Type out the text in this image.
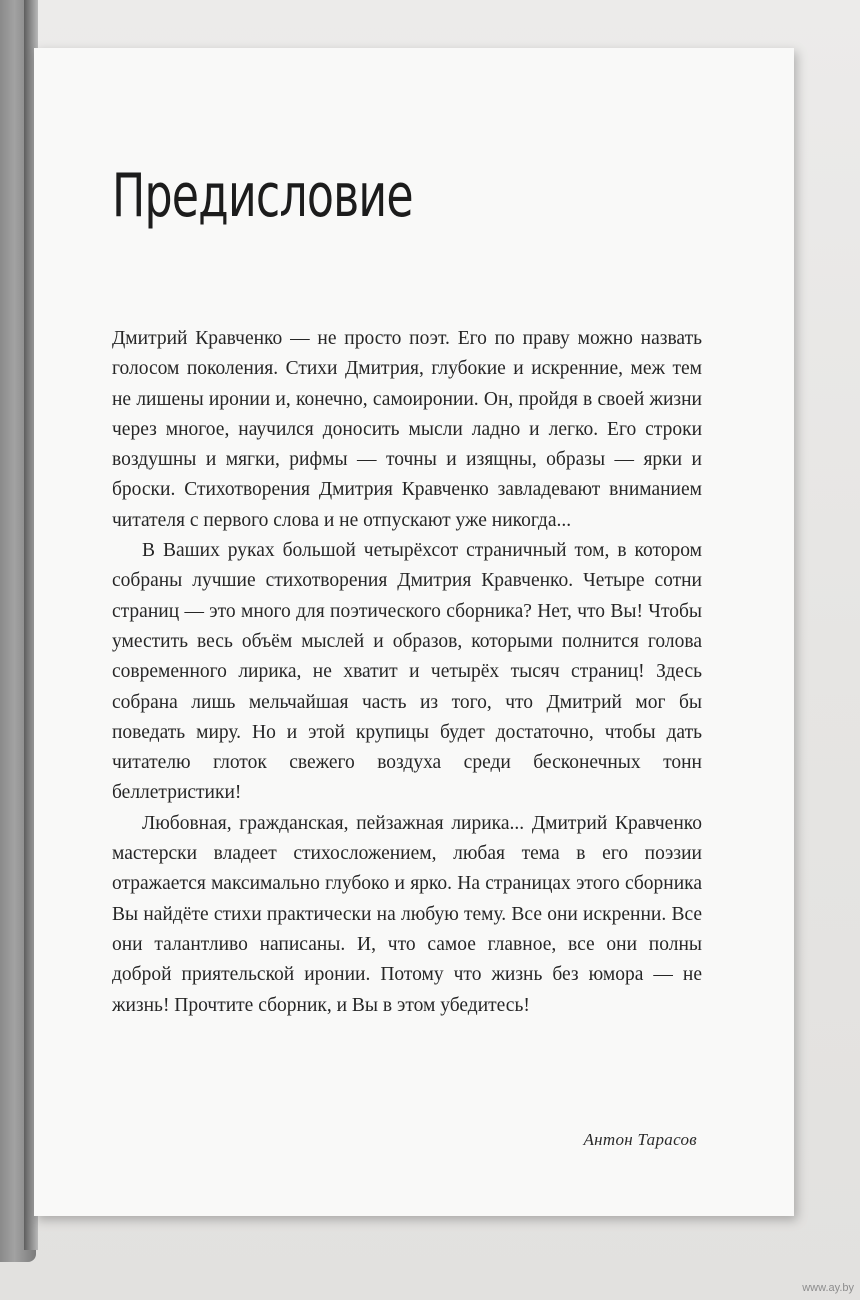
Предисловие

Дмитрий Кравченко — не просто поэт. Его по праву можно назвать голосом поколения. Стихи Дмитрия, глубокие и искренние, меж тем не лишены иронии и, конечно, самоиронии. Он, пройдя в своей жизни через многое, научился доносить мысли ладно и легко. Его строки воздушны и мягки, рифмы — точны и изящны, образы — ярки и броски. Стихотворения Дмитрия Кравченко завладевают вниманием читателя с первого слова и не отпускают уже никогда...

В Ваших руках большой четырёхсот страничный том, в котором собраны лучшие стихотворения Дмитрия Кравченко. Четыре сотни страниц — это много для поэтического сборника? Нет, что Вы! Чтобы уместить весь объём мыслей и образов, которыми полнится голова современного лирика, не хватит и четырёх тысяч страниц! Здесь собрана лишь мельчайшая часть из того, что Дмитрий мог бы поведать миру. Но и этой крупицы будет достаточно, чтобы дать читателю глоток свежего воздуха среди бесконечных тонн беллетристики!

Любовная, гражданская, пейзажная лирика... Дмитрий Кравченко мастерски владеет стихосложением, любая тема в его поэзии отражается максимально глубоко и ярко. На страницах этого сборника Вы найдёте стихи практически на любую тему. Все они искренни. Все они талантливо написаны. И, что самое главное, все они полны доброй приятельской иронии. Потому что жизнь без юмора — не жизнь! Прочтите сборник, и Вы в этом убедитесь!

Антон Тарасов

www.ay.by
